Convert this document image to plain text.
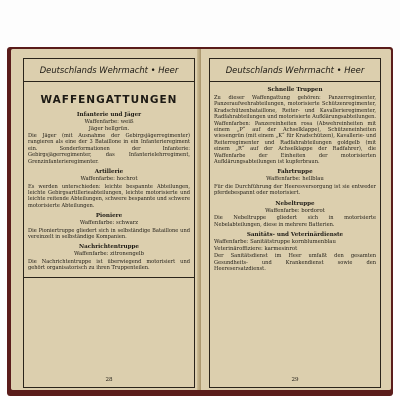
Deutschlands Wehrmacht • Heer
WAFFENGATTUNGEN
Infanterie und Jäger
Waffenfarbe: weiß
Jäger hellgrün.
Die Jäger (mit Ausnahme der Gebirgsjägerregimenter) rangieren als eine der 3 Bataillone in ein Infanterieregiment ein. Sonderformationen der Infanterie: Gebirgsjägerregimenter, das Infanterielehrregiment, Grenzinfanterieregimenter.
Artillerie
Waffenfarbe: hochrot
Es werden unterschieden: leichte bespannte Abteilungen, leichte Gebirgsartillerieabteilungen, leichte motorisierte und leichte reitende Abteilungen, schwere bespannte und schwere motorisierte Abteilungen.
Pioniere
Waffenfarbe: schwarz
Die Pioniertruppe gliedert sich in selbständige Bataillone und vereinzelt in selbständige Kompanien.
Nachrichtentruppe
Waffenfarbe: zitronengelb
Die Nachrichtentruppe ist überwiegend motorisiert und gehört organisatorisch zu ihren Truppenteilen.
28
Deutschlands Wehrmacht • Heer
Schnelle Truppen
Zu dieser Waffengattung gehören: Panzerregimenter, Panzeraufwehrabteilungen, motorisierte Schützenregimenter, Kradschützenbataillone, Reiter- und Kavallerieregimenter, Radfahrabteilungen und motorisierte Aufklärungsabteilungen. Waffenfarben: Panzereinheiten rosa (Abwehreinheiten mit einem „P“ auf der Achselklappe), Schützeneinheiten wiesengrün (mit einem „K“ für Kradschützen), Kavallerie- und Reiterregimenter und Radfahrabteilungen goldgelb (mit einem „R“ auf der Achselklappe der Radfahrer), die Waffenfarbe der Einheiten der motorisierten Aufklärungsabteilungen ist kupferbraun.
Fahrtruppe
Waffenfarbe: hellblau
Für die Durchführung der Heeresversorgung ist sie entweder pferdebespannt oder motorisiert.
Nebeltruppe
Waffenfarbe: bordorot
Die Nebeltruppe gliedert sich in motorisierte Nebelabteilungen, diese in mehrere Batterien.
Sanitäts- und Veterinärdienste
Waffenfarbe: Sanitätstruppe kornblumenblau
Veterinäroffiziere: karmesinrot
Der Sanitätsdienst im Heer umfaßt den gesamten Gesundheits- und Krankendienst sowie den Heeresersatzdienst.
29
